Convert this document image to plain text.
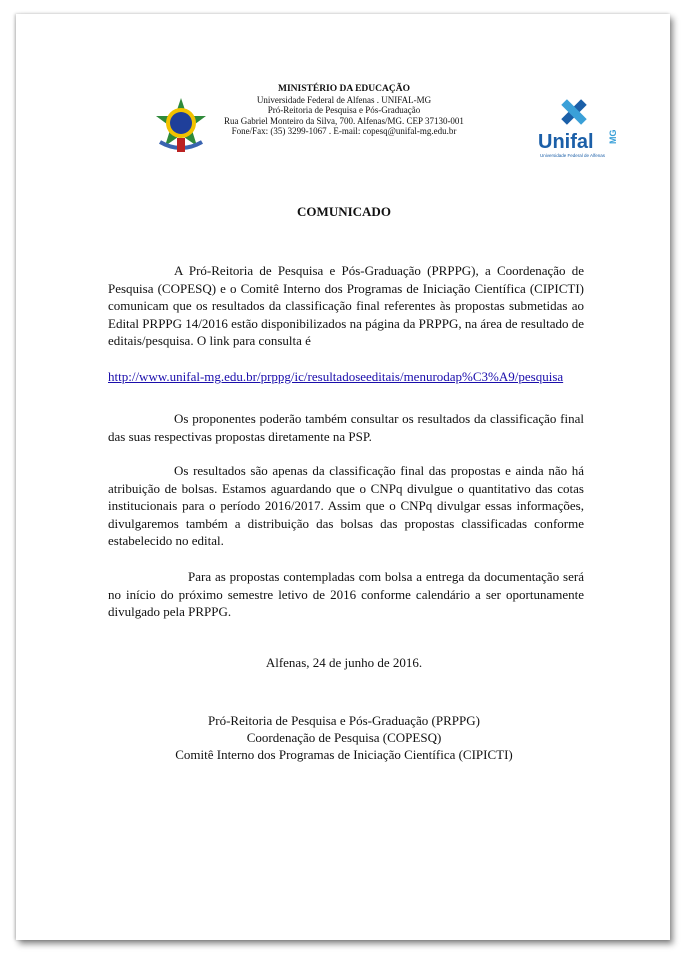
MINISTÉRIO DA EDUCAÇÃO
Universidade Federal de Alfenas . UNIFAL-MG
Pró-Reitoria de Pesquisa e Pós-Graduação
Rua Gabriel Monteiro da Silva, 700. Alfenas/MG. CEP 37130-001
Fone/Fax: (35) 3299-1067 . E-mail: copesq@unifal-mg.edu.br	Unifal MG
Universidade Federal de Alfenas
COMUNICADO
A Pró-Reitoria de Pesquisa e Pós-Graduação (PRPPG), a Coordenação de Pesquisa (COPESQ) e o Comitê Interno dos Programas de Iniciação Científica (CIPICTI) comunicam que os resultados da classificação final referentes às propostas submetidas ao Edital PRPPG 14/2016 estão disponibilizados na página da PRPPG, na área de resultado de editais/pesquisa. O link para consulta é
http://www.unifal-mg.edu.br/prppg/ic/resultadoseeditais/menurodap%C3%A9/pesquisa
Os proponentes poderão também consultar os resultados da classificação final das suas respectivas propostas diretamente na PSP.
Os resultados são apenas da classificação final das propostas e ainda não há atribuição de bolsas. Estamos aguardando que o CNPq divulgue o quantitativo das cotas institucionais para o período 2016/2017. Assim que o CNPq divulgar essas informações, divulgaremos também a distribuição das bolsas das propostas classificadas conforme estabelecido no edital.
Para as propostas contempladas com bolsa a entrega da documentação será no início do próximo semestre letivo de 2016 conforme calendário a ser oportunamente divulgado pela PRPPG.
Alfenas, 24 de junho de 2016.
Pró-Reitoria de Pesquisa e Pós-Graduação (PRPPG)
Coordenação de Pesquisa (COPESQ)
Comitê Interno dos Programas de Iniciação Científica (CIPICTI)
